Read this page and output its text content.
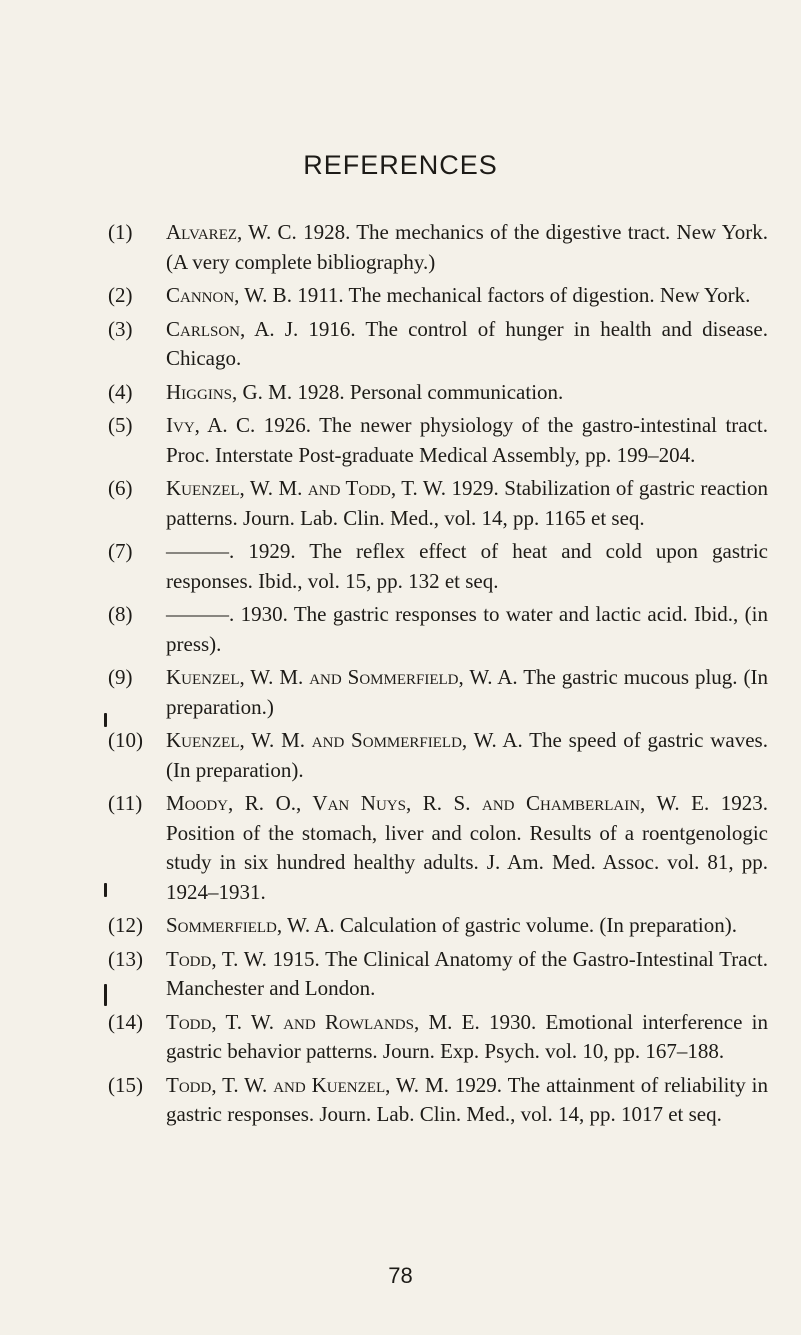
REFERENCES
(1) Alvarez, W. C. 1928. The mechanics of the digestive tract. New York. (A very complete bibliography.)
(2) Cannon, W. B. 1911. The mechanical factors of digestion. New York.
(3) Carlson, A. J. 1916. The control of hunger in health and disease. Chicago.
(4) Higgins, G. M. 1928. Personal communication.
(5) Ivy, A. C. 1926. The newer physiology of the gastro-intestinal tract. Proc. Interstate Post-graduate Medical Assembly, pp. 199–204.
(6) Kuenzel, W. M. and Todd, T. W. 1929. Stabilization of gastric reaction patterns. Journ. Lab. Clin. Med., vol. 14, pp. 1165 et seq.
(7) ———. 1929. The reflex effect of heat and cold upon gastric responses. Ibid., vol. 15, pp. 132 et seq.
(8) ———. 1930. The gastric responses to water and lactic acid. Ibid., (in press).
(9) Kuenzel, W. M. and Sommerfield, W. A. The gastric mucous plug. (In preparation.)
(10) Kuenzel, W. M. and Sommerfield, W. A. The speed of gastric waves. (In preparation).
(11) Moody, R. O., Van Nuys, R. S. and Chamberlain, W. E. 1923. Position of the stomach, liver and colon. Results of a roentgenologic study in six hundred healthy adults. J. Am. Med. Assoc. vol. 81, pp. 1924–1931.
(12) Sommerfield, W. A. Calculation of gastric volume. (In preparation).
(13) Todd, T. W. 1915. The Clinical Anatomy of the Gastro-Intestinal Tract. Manchester and London.
(14) Todd, T. W. and Rowlands, M. E. 1930. Emotional interference in gastric behavior patterns. Journ. Exp. Psych. vol. 10, pp. 167–188.
(15) Todd, T. W. and Kuenzel, W. M. 1929. The attainment of reliability in gastric responses. Journ. Lab. Clin. Med., vol. 14, pp. 1017 et seq.
78
